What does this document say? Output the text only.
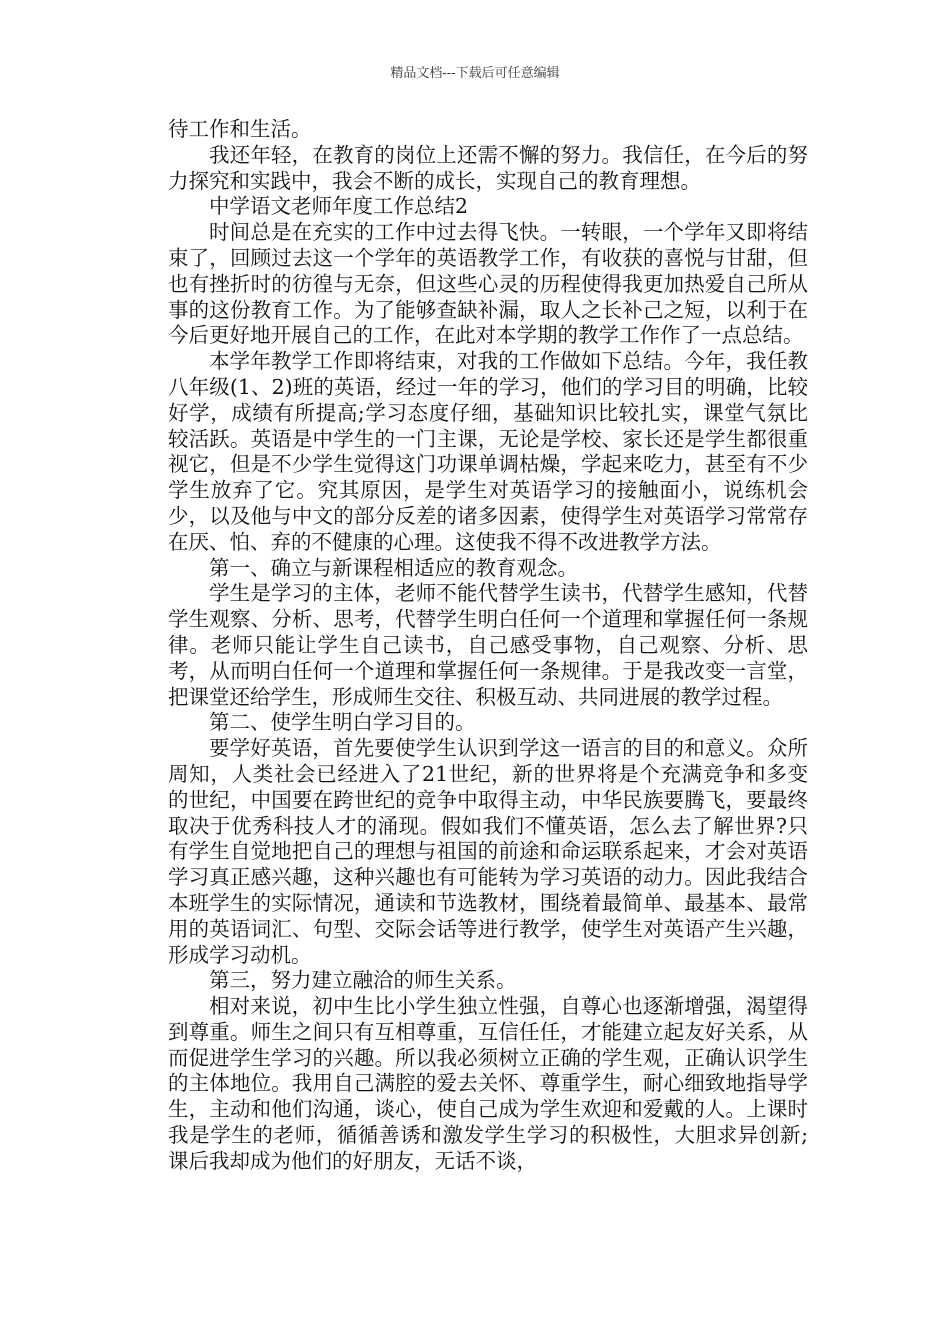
精品文档---下载后可任意编辑

待工作和生活。

我还年轻，在教育的岗位上还需不懈的努力。我信任，在今后的努力探究和实践中，我会不断的成长，实现自己的教育理想。

中学语文老师年度工作总结2

时间总是在充实的工作中过去得飞快。一转眼，一个学年又即将结束了，回顾过去这一个学年的英语教学工作，有收获的喜悦与甘甜，但也有挫折时的彷徨与无奈，但这些心灵的历程使得我更加热爱自己所从事的这份教育工作。为了能够查缺补漏，取人之长补己之短，以利于在今后更好地开展自己的工作，在此对本学期的教学工作作了一点总结。

本学年教学工作即将结束，对我的工作做如下总结。今年，我任教八年级(1、2)班的英语，经过一年的学习，他们的学习目的明确，比较好学，成绩有所提高;学习态度仔细，基础知识比较扎实，课堂气氛比较活跃。英语是中学生的一门主课，无论是学校、家长还是学生都很重视它，但是不少学生觉得这门功课单调枯燥，学起来吃力，甚至有不少学生放弃了它。究其原因，是学生对英语学习的接触面小，说练机会少，以及他与中文的部分反差的诸多因素，使得学生对英语学习常常存在厌、怕、弃的不健康的心理。这使我不得不改进教学方法。

第一、确立与新课程相适应的教育观念。

学生是学习的主体，老师不能代替学生读书，代替学生感知，代替学生观察、分析、思考，代替学生明白任何一个道理和掌握任何一条规律。老师只能让学生自己读书，自己感受事物，自己观察、分析、思考，从而明白任何一个道理和掌握任何一条规律。于是我改变一言堂，把课堂还给学生，形成师生交往、积极互动、共同进展的教学过程。

第二、使学生明白学习目的。

要学好英语，首先要使学生认识到学这一语言的目的和意义。众所周知，人类社会已经进入了21世纪，新的世界将是个充满竞争和多变的世纪，中国要在跨世纪的竞争中取得主动，中华民族要腾飞，要最终取决于优秀科技人才的涌现。假如我们不懂英语，怎么去了解世界?只有学生自觉地把自己的理想与祖国的前途和命运联系起来，才会对英语学习真正感兴趣，这种兴趣也有可能转为学习英语的动力。因此我结合本班学生的实际情况，通读和节选教材，围绕着最简单、最基本、最常用的英语词汇、句型、交际会话等进行教学，使学生对英语产生兴趣，形成学习动机。

第三，努力建立融洽的师生关系。

相对来说，初中生比小学生独立性强，自尊心也逐渐增强，渴望得到尊重。师生之间只有互相尊重，互信任任，才能建立起友好关系，从而促进学生学习的兴趣。所以我必须树立正确的学生观，正确认识学生的主体地位。我用自己满腔的爱去关怀、尊重学生，耐心细致地指导学生，主动和他们沟通，谈心，使自己成为学生欢迎和爱戴的人。上课时我是学生的老师，循循善诱和激发学生学习的积极性，大胆求异创新;课后我却成为他们的好朋友，无话不谈，
